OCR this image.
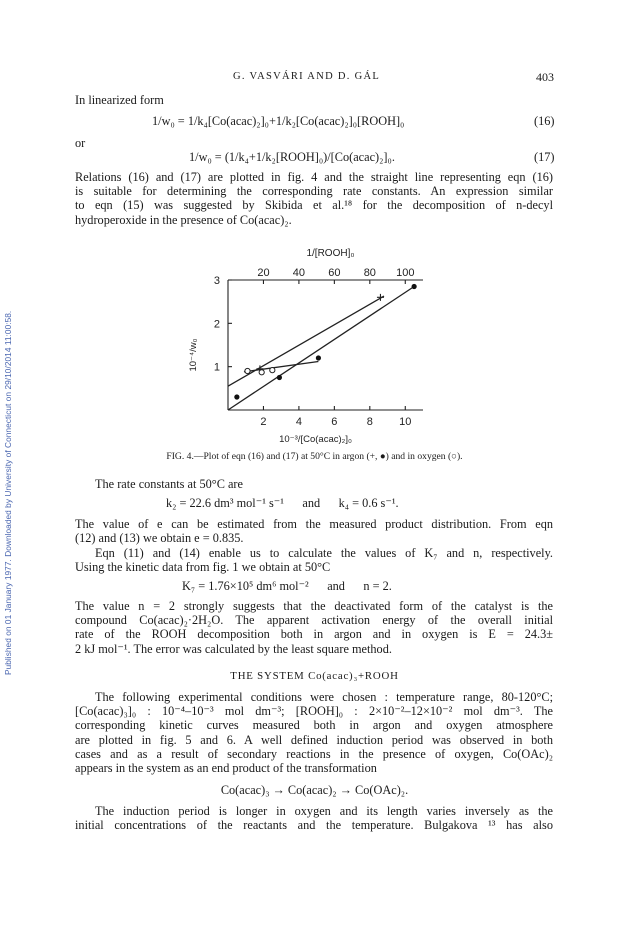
Published on 01 January 1977. Downloaded by University of Connecticut on 29/10/2014 11:00:58.
G. VASVÁRI AND D. GÁL	403
In linearized form
1/w₀ = 1/k₄[Co(acac)₂]₀+1/k₂[Co(acac)₂]₀[ROOH]₀	(16)
or
1/w₀ = (1/k₄+1/k₂[ROOH]₀)/[Co(acac)₂]₀.	(17)
Relations (16) and (17) are plotted in fig. 4 and the straight line representing eqn (16)
is suitable for determining the corresponding rate constants. An expression similar
to eqn (15) was suggested by Skibida et al.¹⁸ for the decomposition of n-decyl
hydroperoxide in the presence of Co(acac)₂.
1/[ROOH]₀
20 40 60 80 100
2	4	6	8 10
10⁻³/[Co(acac)₂]₀
1
2
3
10⁻⁴/w₀
FIG. 4.—Plot of eqn (16) and (17) at 50°C in argon (+, ●) and in oxygen (○).
The rate constants at 50°C are
k₂ = 22.6 dm³ mol⁻¹ s⁻¹      and      k₄ = 0.6 s⁻¹.
The value of e can be estimated from the measured product distribution. From eqn
(12) and (13) we obtain e = 0.835.
Eqn (11) and (14) enable us to calculate the values of K₇ and n, respectively.
Using the kinetic data from fig. 1 we obtain at 50°C
K₇ = 1.76×10⁵ dm⁶ mol⁻²      and      n = 2.
The value n = 2 strongly suggests that the deactivated form of the catalyst is the
compound Co(acac)₂·2H₂O. The apparent activation energy of the overall initial
rate of the ROOH decomposition both in argon and in oxygen is E = 24.3±
2 kJ mol⁻¹. The error was calculated by the least square method.
THE SYSTEM Co(acac)₃+ROOH
The following experimental conditions were chosen : temperature range, 80-120°C;
[Co(acac)₃]₀ : 10⁻⁴–10⁻³ mol dm⁻³; [ROOH]₀ : 2×10⁻²–12×10⁻² mol dm⁻³. The
corresponding kinetic curves measured both in argon and oxygen atmosphere
are plotted in fig. 5 and 6. A well defined induction period was observed in both
cases and as a result of secondary reactions in the presence of oxygen, Co(OAc)₂
appears in the system as an end product of the transformation
Co(acac)₃ → Co(acac)₂ → Co(OAc)₂.
The induction period is longer in oxygen and its length varies inversely as the
initial concentrations of the reactants and the temperature. Bulgakova ¹³ has also
